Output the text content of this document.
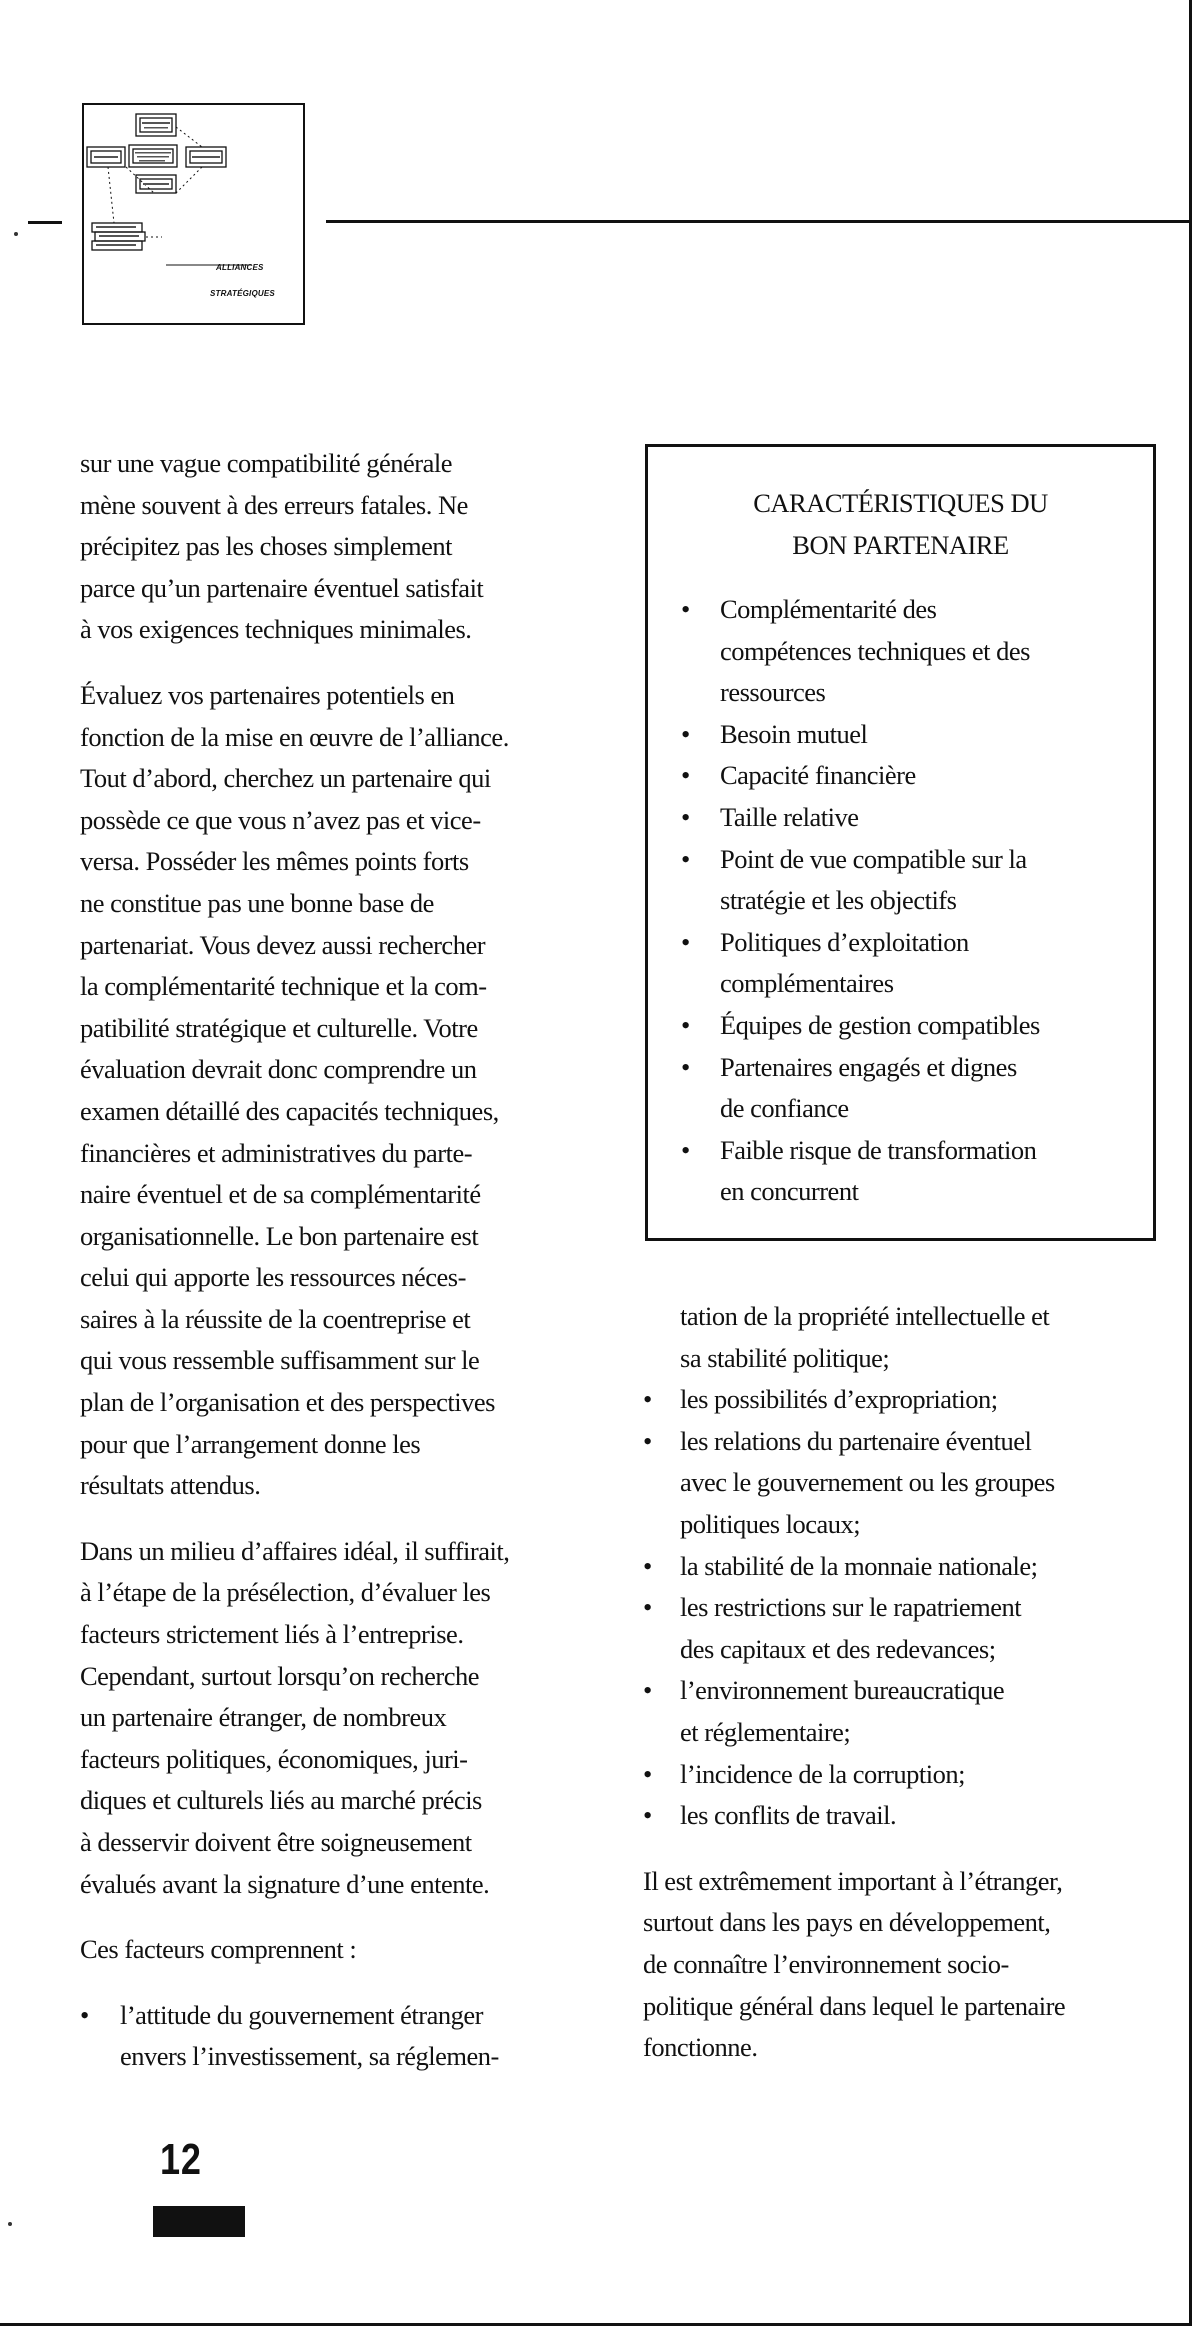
ALLIANCES
STRATÉGIQUES

sur une vague compatibilité générale
mène souvent à des erreurs fatales. Ne
précipitez pas les choses simplement
parce qu’un partenaire éventuel satisfait
à vos exigences techniques minimales.

Évaluez vos partenaires potentiels en
fonction de la mise en œuvre de l’alliance.
Tout d’abord, cherchez un partenaire qui
possède ce que vous n’avez pas et vice-
versa. Posséder les mêmes points forts
ne constitue pas une bonne base de
partenariat. Vous devez aussi rechercher
la complémentarité technique et la com-
patibilité stratégique et culturelle. Votre
évaluation devrait donc comprendre un
examen détaillé des capacités techniques,
financières et administratives du parte-
naire éventuel et de sa complémentarité
organisationnelle. Le bon partenaire est
celui qui apporte les ressources néces-
saires à la réussite de la coentreprise et
qui vous ressemble suffisamment sur le
plan de l’organisation et des perspectives
pour que l’arrangement donne les
résultats attendus.

Dans un milieu d’affaires idéal, il suffirait,
à l’étape de la présélection, d’évaluer les
facteurs strictement liés à l’entreprise.
Cependant, surtout lorsqu’on recherche
un partenaire étranger, de nombreux
facteurs politiques, économiques, juri-
diques et culturels liés au marché précis
à desservir doivent être soigneusement
évalués avant la signature d’une entente.

Ces facteurs comprennent :

• l’attitude du gouvernement étranger
envers l’investissement, sa réglemen-
CARACTÉRISTIQUES DU
BON PARTENAIRE
• Complémentarité des
compétences techniques et des
ressources
• Besoin mutuel
• Capacité financière
• Taille relative
• Point de vue compatible sur la
stratégie et les objectifs
• Politiques d’exploitation
complémentaires
• Équipes de gestion compatibles
• Partenaires engagés et dignes
de confiance
• Faible risque de transformation
en concurrent
tation de la propriété intellectuelle et
sa stabilité politique;
• les possibilités d’expropriation;
• les relations du partenaire éventuel
avec le gouvernement ou les groupes
politiques locaux;
• la stabilité de la monnaie nationale;
• les restrictions sur le rapatriement
des capitaux et des redevances;
• l’environnement bureaucratique
et réglementaire;
• l’incidence de la corruption;
• les conflits de travail.

Il est extrêmement important à l’étranger,
surtout dans les pays en développement,
de connaître l’environnement socio-
politique général dans lequel le partenaire
fonctionne.

12
